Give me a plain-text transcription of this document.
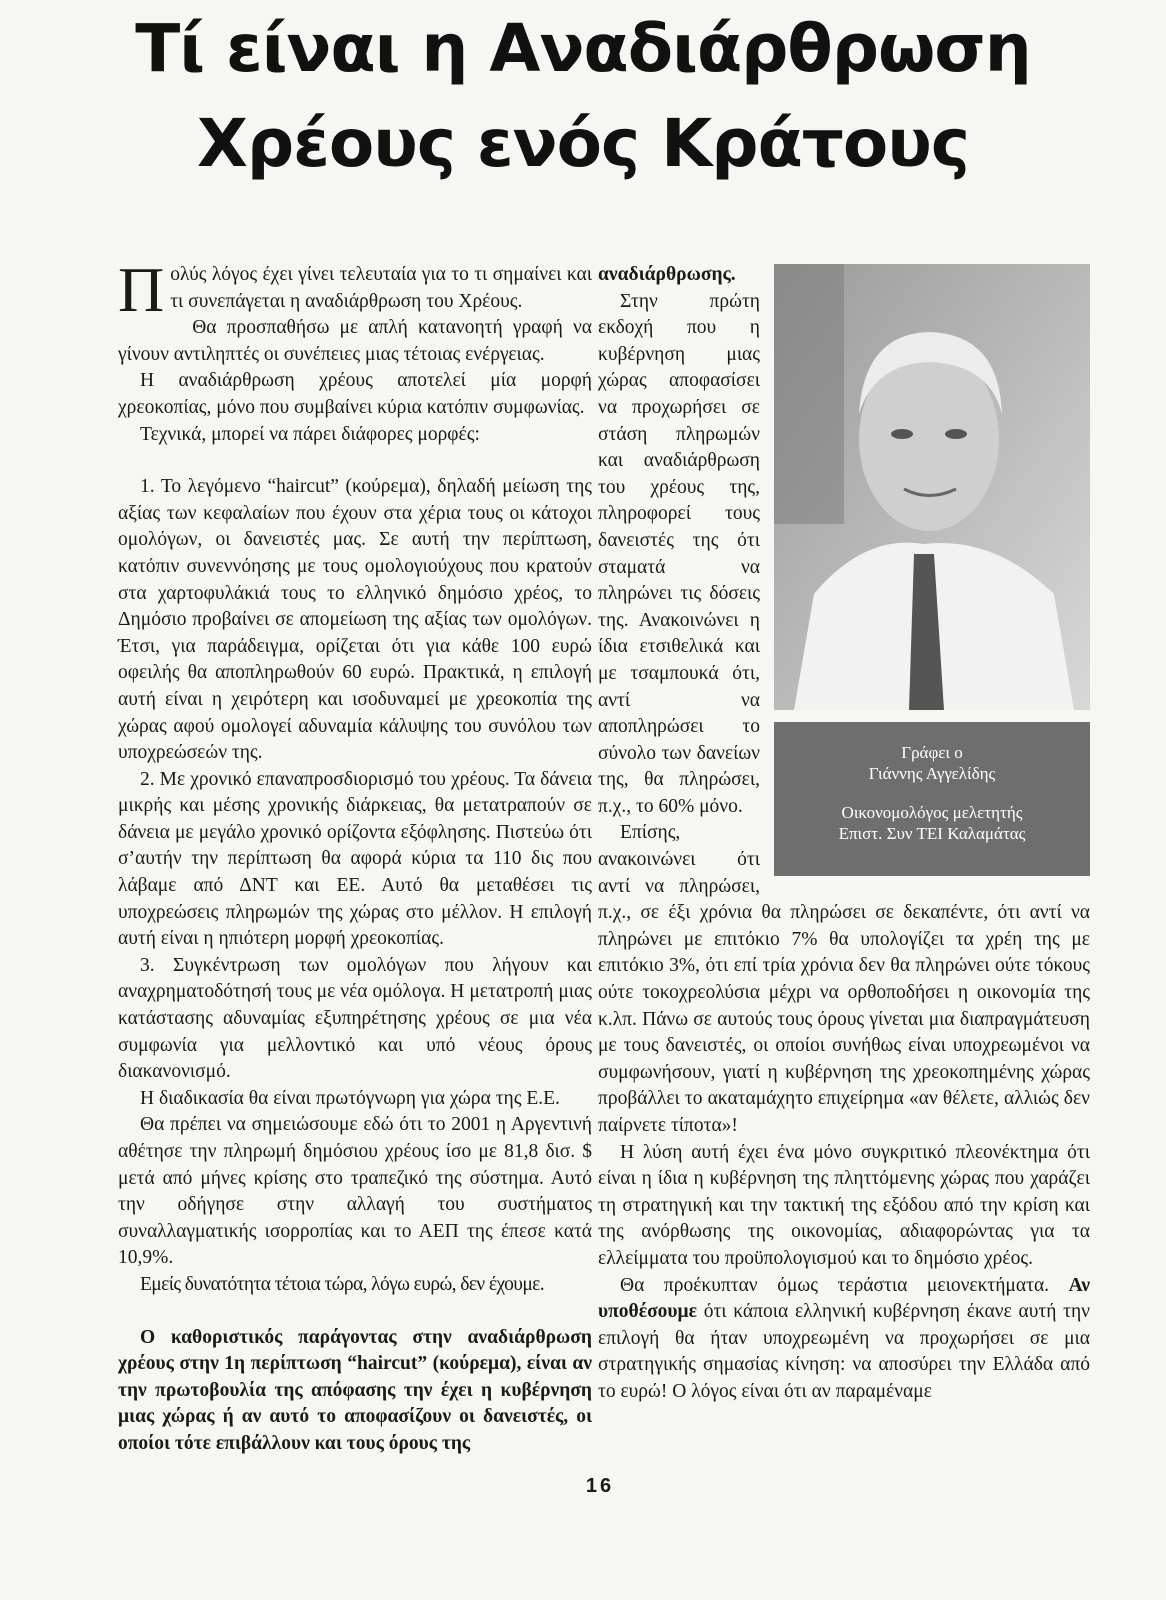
Τί είναι η Αναδιάρθρωση
Χρέους ενός Κράτους

Πολύς λόγος έχει γίνει τελευταία για το τι σημαίνει και τι συνεπάγεται η αναδιάρθρωση του Χρέους.

Θα προσπαθήσω με απλή κατανοητή γραφή να γίνουν αντιληπτές οι συνέπειες μιας τέτοιας ενέργειας.

Η αναδιάρθρωση χρέους αποτελεί μία μορφή χρεοκοπίας, μόνο που συμβαίνει κύρια κατόπιν συμφωνίας.

Τεχνικά, μπορεί να πάρει διάφορες μορφές:

1. Το λεγόμενο “haircut” (κούρεμα), δηλαδή μείωση της αξίας των κεφαλαίων που έχουν στα χέρια τους οι κάτοχοι ομολόγων, οι δανειστές μας. Σε αυτή την περίπτωση, κατόπιν συνεννόησης με τους ομολογιούχους που κρατούν στα χαρτοφυλάκιά τους το ελληνικό δημόσιο χρέος, το Δημόσιο προβαίνει σε απομείωση της αξίας των ομολόγων. Έτσι, για παράδειγμα, ορίζεται ότι για κάθε 100 ευρώ οφειλής θα αποπληρωθούν 60 ευρώ. Πρακτικά, η επιλογή αυτή είναι η χειρότερη και ισοδυναμεί με χρεοκοπία της χώρας αφού ομολογεί αδυναμία κάλυψης του συνόλου των υποχρεώσεών της.

2. Με χρονικό επαναπροσδιορισμό του χρέους. Τα δάνεια μικρής και μέσης χρονικής διάρκειας, θα μετατραπούν σε δάνεια με μεγάλο χρονικό ορίζοντα εξόφλησης. Πιστεύω ότι σ’αυτήν την περίπτωση θα αφορά κύρια τα 110 δις που λάβαμε από ΔΝΤ και ΕΕ. Αυτό θα μεταθέσει τις υποχρεώσεις πληρωμών της χώρας στο μέλλον. Η επιλογή αυτή είναι η ηπιότερη μορφή χρεοκοπίας.

3. Συγκέντρωση των ομολόγων που λήγουν και αναχρηματοδότησή τους με νέα ομόλογα. Η μετατροπή μιας κατάστασης αδυναμίας εξυπηρέτησης χρέους σε μια νέα συμφωνία για μελλοντικό και υπό νέους όρους διακανονισμό.

Η διαδικασία θα είναι πρωτόγνωρη για χώρα της Ε.Ε.

Θα πρέπει να σημειώσουμε εδώ ότι το 2001 η Αργεντινή αθέτησε την πληρωμή δημόσιου χρέους ίσο με 81,8 δισ. $ μετά από μήνες κρίσης στο τραπεζικό της σύστημα. Αυτό την οδήγησε στην αλλαγή του συστήματος συναλλαγματικής ισορροπίας και το ΑΕΠ της έπεσε κατά 10,9%.

Εμείς δυνατότητα τέτοια τώρα, λόγω ευρώ, δεν έχουμε.

Ο καθοριστικός παράγοντας στην αναδιάρθρωση χρέους στην 1η περίπτωση “haircut” (κούρεμα), είναι αν την πρωτοβουλία της απόφασης την έχει η κυβέρνηση μιας χώρας ή αν αυτό το αποφασίζουν οι δανειστές, οι οποίοι τότε επιβάλλουν και τους όρους της

Γράφει ο
Γιάννης Αγγελίδης
Οικονομολόγος μελετητής
Επιστ. Συν ΤΕΙ Καλαμάτας

αναδιάρθρωσης.

Στην πρώτη εκδοχή που η κυβέρνηση μιας χώρας αποφασίσει να προχωρήσει σε στάση πληρωμών και αναδιάρθρωση του χρέους της, πληροφορεί τους δανειστές της ότι σταματά να πληρώνει τις δόσεις της. Ανακοινώνει η ίδια ετσιθελικά και με τσαμπουκά ότι, αντί να αποπληρώσει το σύνολο των δανείων της, θα πληρώσει, π.χ., το 60% μόνο.

Επίσης, ανακοινώνει ότι αντί να πληρώσει, π.χ., σε έξι χρόνια θα πληρώσει σε δεκαπέντε, ότι αντί να πληρώνει με επιτόκιο 7% θα υπολογίζει τα χρέη της με επιτόκιο 3%, ότι επί τρία χρόνια δεν θα πληρώνει ούτε τόκους ούτε τοκοχρεολύσια μέχρι να ορθοποδήσει η οικονομία της κ.λπ. Πάνω σε αυτούς τους όρους γίνεται μια διαπραγμάτευση με τους δανειστές, οι οποίοι συνήθως είναι υποχρεωμένοι να συμφωνήσουν, γιατί η κυβέρνηση της χρεοκοπημένης χώρας προβάλλει το ακαταμάχητο επιχείρημα «αν θέλετε, αλλιώς δεν παίρνετε τίποτα»!

Η λύση αυτή έχει ένα μόνο συγκριτικό πλεονέκτημα ότι είναι η ίδια η κυβέρνηση της πληττόμενης χώρας που χαράζει τη στρατηγική και την τακτική της εξόδου από την κρίση και της ανόρθωσης της οικονομίας, αδιαφορώντας για τα ελλείμματα του προϋπολογισμού και το δημόσιο χρέος.

Θα προέκυπταν όμως τεράστια μειονεκτήματα. Αν υποθέσουμε ότι κάποια ελληνική κυβέρνηση έκανε αυτή την επιλογή θα ήταν υποχρεωμένη να προχωρήσει σε μια στρατηγικής σημασίας κίνηση: να αποσύρει την Ελλάδα από το ευρώ! Ο λόγος είναι ότι αν παραμέναμε

16
